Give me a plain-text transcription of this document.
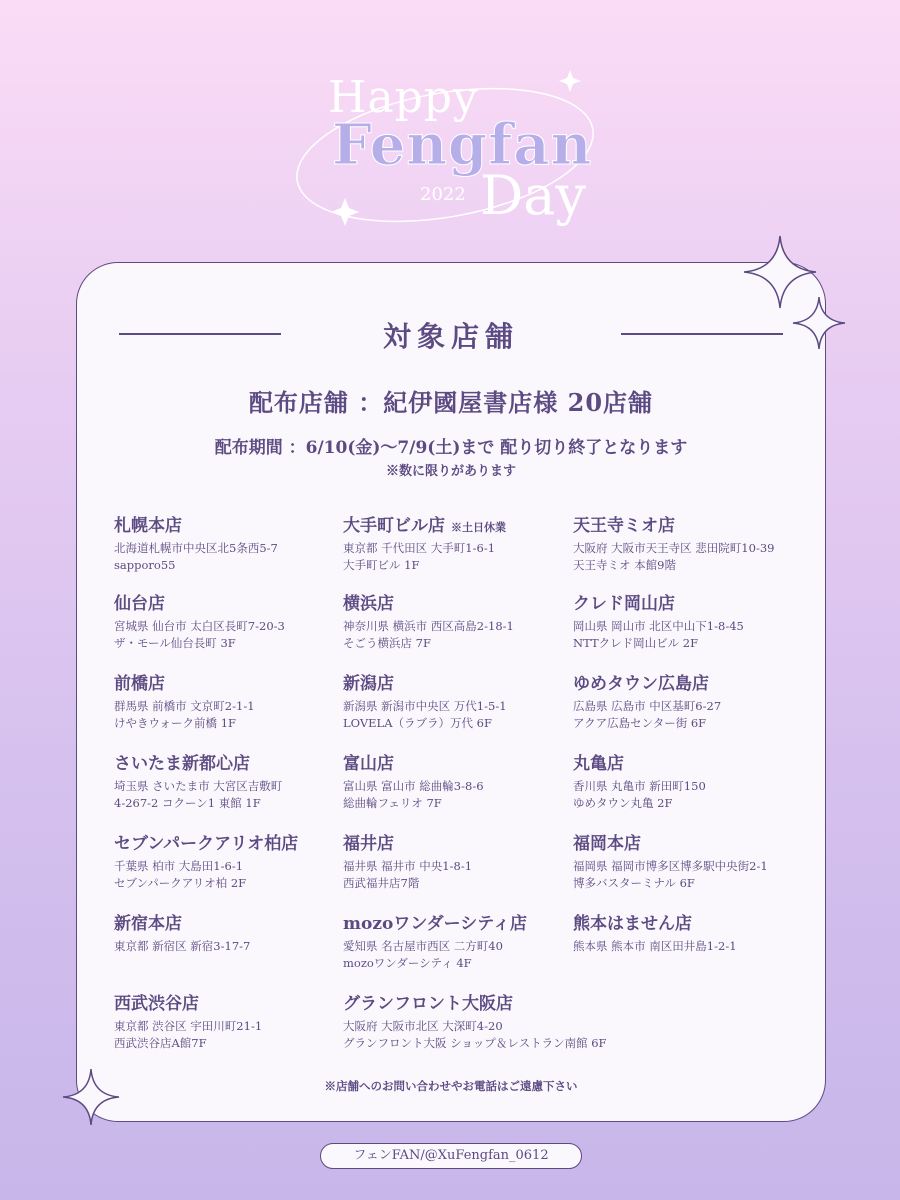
Happy
Fengfan
2022 Day
対象店舗
配布店舗 ：紀伊國屋書店様 20店舗
配布期間 ：6/10(金)～7/9(土)まで 配り切り終了となります
※数に限りがあります
札幌本店
北海道札幌市中央区北5条西5-7
sapporo55
仙台店
宮城県 仙台市 太白区長町7-20-3
ザ・モール仙台長町 3F
前橋店
群馬県 前橋市 文京町2-1-1
けやきウォーク前橋 1F
さいたま新都心店
埼玉県 さいたま市 大宮区吉敷町
4-267-2 コクーン1 東館 1F
セブンパークアリオ柏店
千葉県 柏市 大島田1-6-1
セブンパークアリオ柏 2F
新宿本店
東京都 新宿区 新宿3-17-7
西武渋谷店
東京都 渋谷区 宇田川町21-1
西武渋谷店A館7F
大手町ビル店 ※土日休業
東京都 千代田区 大手町1-6-1
大手町ビル 1F
横浜店
神奈川県 横浜市 西区高島2-18-1
そごう横浜店 7F
新潟店
新潟県 新潟市中央区 万代1-5-1
LOVELA（ラブラ）万代 6F
富山店
富山県 富山市 総曲輪3-8-6
総曲輪フェリオ 7F
福井店
福井県 福井市 中央1-8-1
西武福井店7階
mozoワンダーシティ店
愛知県 名古屋市西区 二方町40
mozoワンダーシティ 4F
グランフロント大阪店
大阪府 大阪市北区 大深町4-20
グランフロント大阪 ショップ＆レストラン南館 6F
天王寺ミオ店
大阪府 大阪市天王寺区 悲田院町10-39
天王寺ミオ 本館9階
クレド岡山店
岡山県 岡山市 北区中山下1-8-45
NTTクレド岡山ビル 2F
ゆめタウン広島店
広島県 広島市 中区基町6-27
アクア広島センター街 6F
丸亀店
香川県 丸亀市 新田町150
ゆめタウン丸亀 2F
福岡本店
福岡県 福岡市博多区博多駅中央街2-1
博多バスターミナル 6F
熊本はません店
熊本県 熊本市 南区田井島1-2-1
※店舗へのお問い合わせやお電話はご遠慮下さい
フェンFAN/@XuFengfan_0612
